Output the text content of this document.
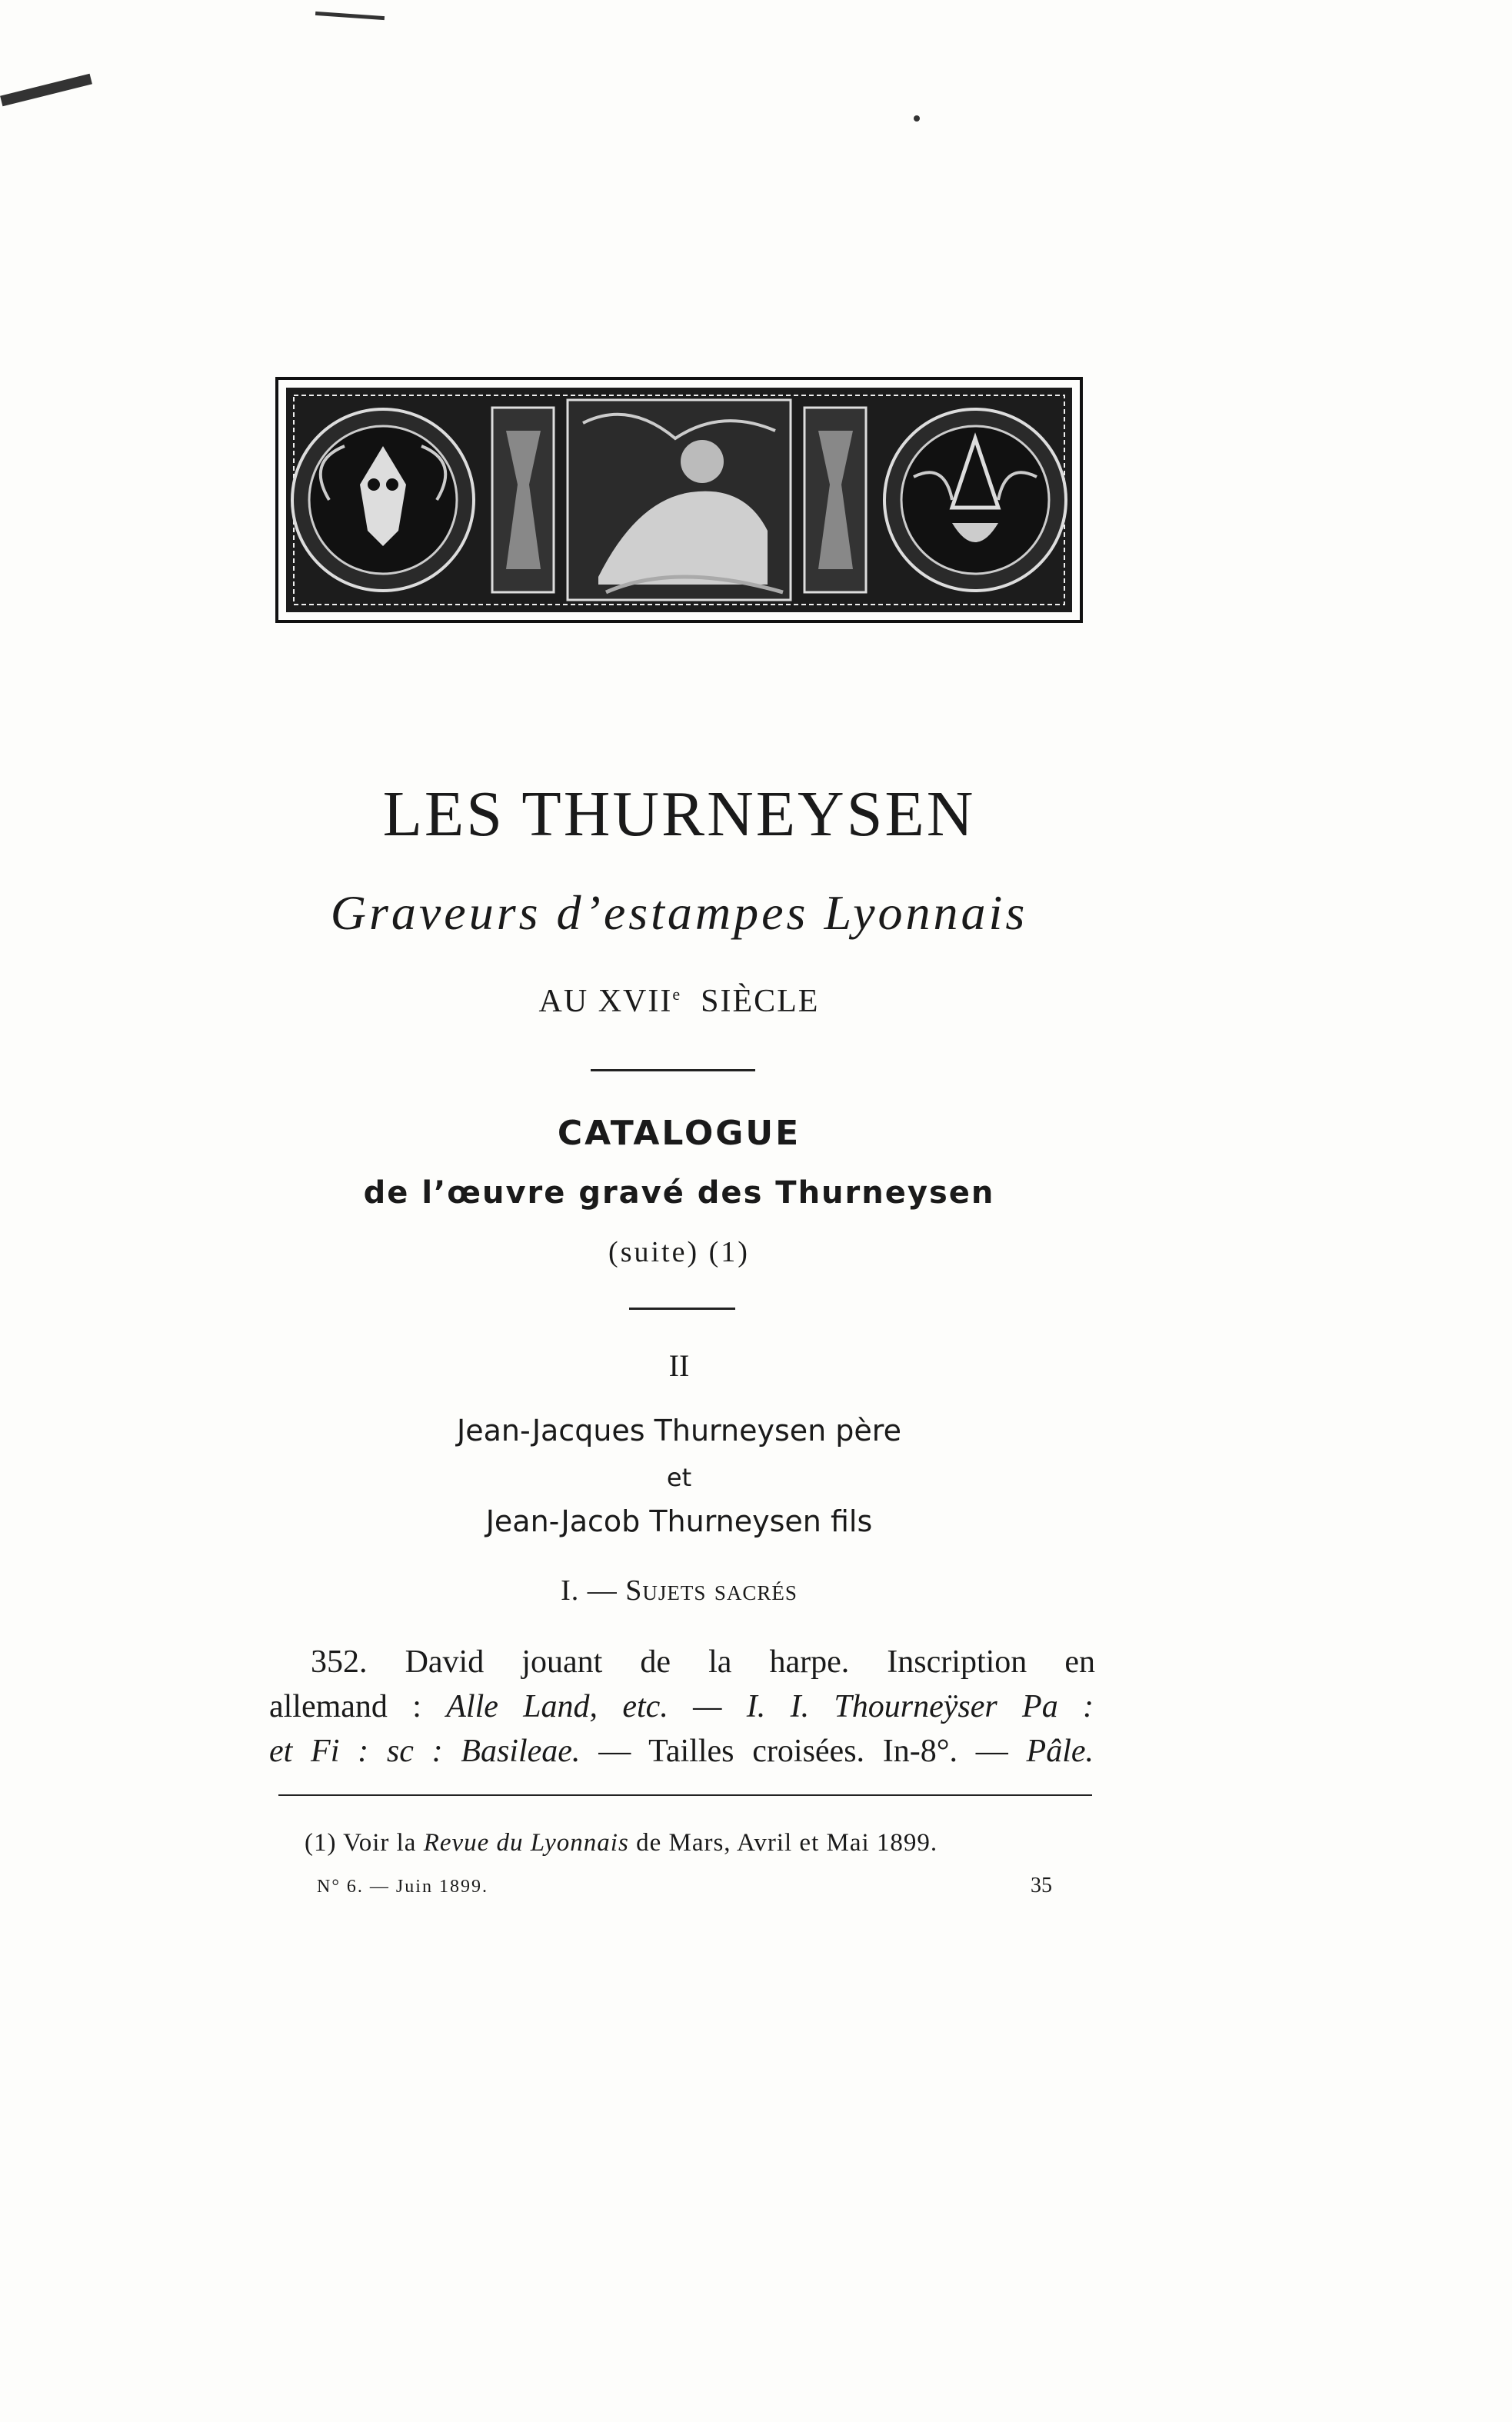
LES THURNEYSEN
Graveurs d’estampes Lyonnais
AU XVIIe SIÈCLE
CATALOGUE
de l’œuvre gravé des Thurneysen
(suite) (1)
II
Jean-Jacques Thurneysen père
et
Jean-Jacob Thurneysen fils
I. — Sujets sacrés
352. David jouant de la harpe. Inscription en
allemand : Alle Land, etc. — I. I. Thourneÿser Pa :
et Fi : sc : Basileae. — Tailles croisées. In-8°. — Pâle.
(1) Voir la Revue du Lyonnais de Mars, Avril et Mai 1899.
N° 6. — Juin 1899.	35
